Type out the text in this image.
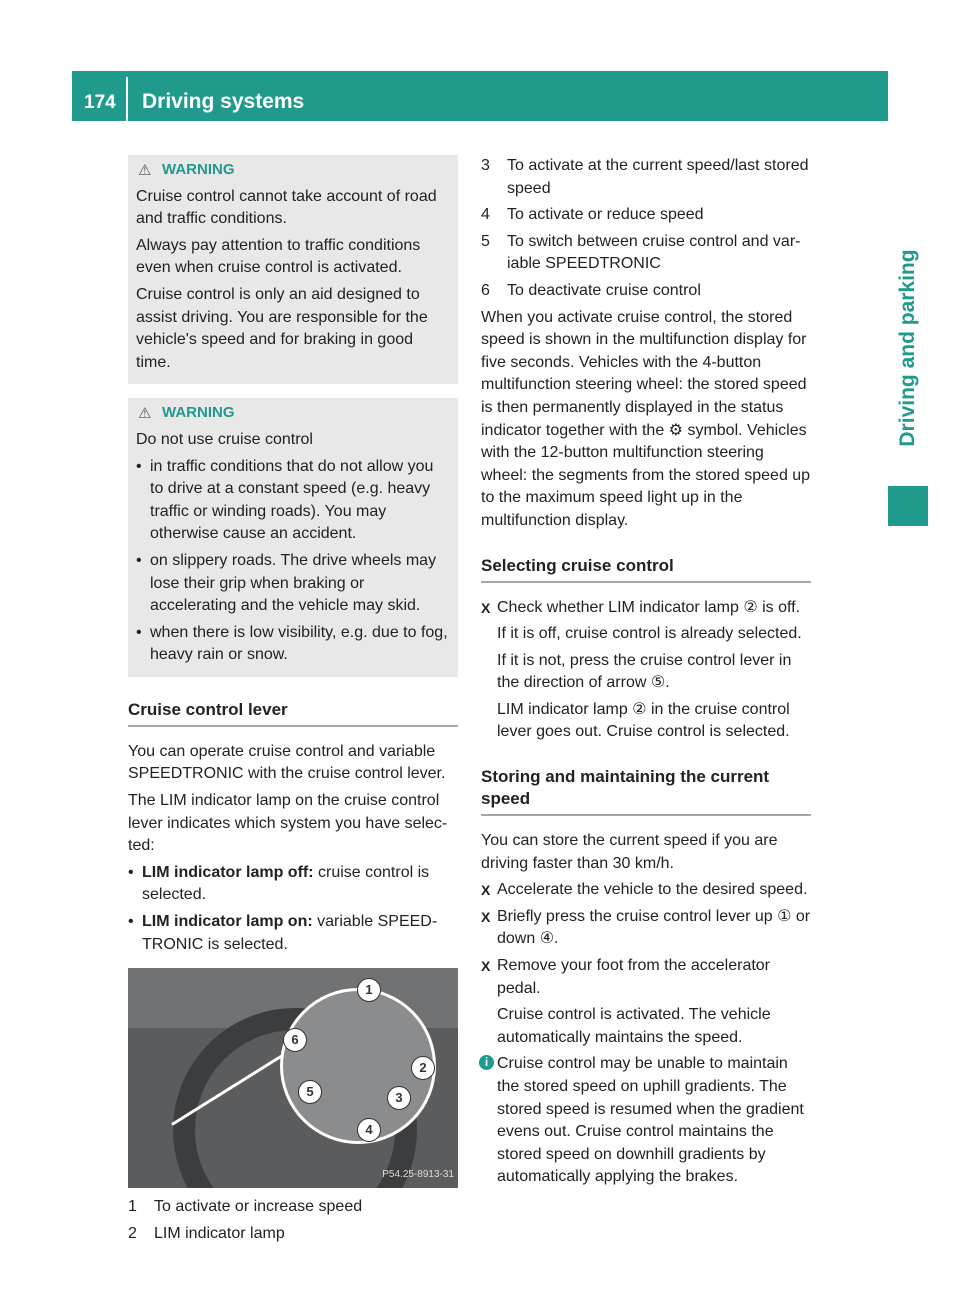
174 Driving systems
Driving and parking

⚠ WARNING

Cruise control cannot take account of road and traffic conditions.

Always pay attention to traffic conditions even when cruise control is activated.

Cruise control is only an aid designed to assist driving. You are responsible for the vehicle's speed and for braking in good time.

⚠ WARNING

Do not use cruise control

• in traffic conditions that do not allow you to drive at a constant speed (e.g. heavy traffic or winding roads). You may otherwise cause an accident.

• on slippery roads. The drive wheels may lose their grip when braking or accelerating and the vehicle may skid.

• when there is low visibility, e.g. due to fog, heavy rain or snow.

Cruise control lever

You can operate cruise control and variable SPEEDTRONIC with the cruise control lever.

The LIM indicator lamp on the cruise control lever indicates which system you have selected:

• LIM indicator lamp off: cruise control is selected.

• LIM indicator lamp on: variable SPEEDTRONIC is selected.

1
2
3
4
5
6
P54.25-8913-31

1 To activate or increase speed

2 LIM indicator lamp

3 To activate at the current speed/last stored speed

4 To activate or reduce speed

5 To switch between cruise control and variable SPEEDTRONIC

6 To deactivate cruise control

When you activate cruise control, the stored speed is shown in the multifunction display for five seconds. Vehicles with the 4-button multifunction steering wheel: the stored speed is then permanently displayed in the status indicator together with the ⚙ symbol. Vehicles with the 12-button multifunction steering wheel: the segments from the stored speed up to the maximum speed light up in the multifunction display.

Selecting cruise control

X Check whether LIM indicator lamp ② is off.

If it is off, cruise control is already selected.

If it is not, press the cruise control lever in the direction of arrow ⑤.

LIM indicator lamp ② in the cruise control lever goes out. Cruise control is selected.

Storing and maintaining the current speed

You can store the current speed if you are driving faster than 30 km/h.

X Accelerate the vehicle to the desired speed.

X Briefly press the cruise control lever up ① or down ④.

X Remove your foot from the accelerator pedal.

Cruise control is activated. The vehicle automatically maintains the speed.

i Cruise control may be unable to maintain the stored speed on uphill gradients. The stored speed is resumed when the gradient evens out. Cruise control maintains the stored speed on downhill gradients by automatically applying the brakes.
